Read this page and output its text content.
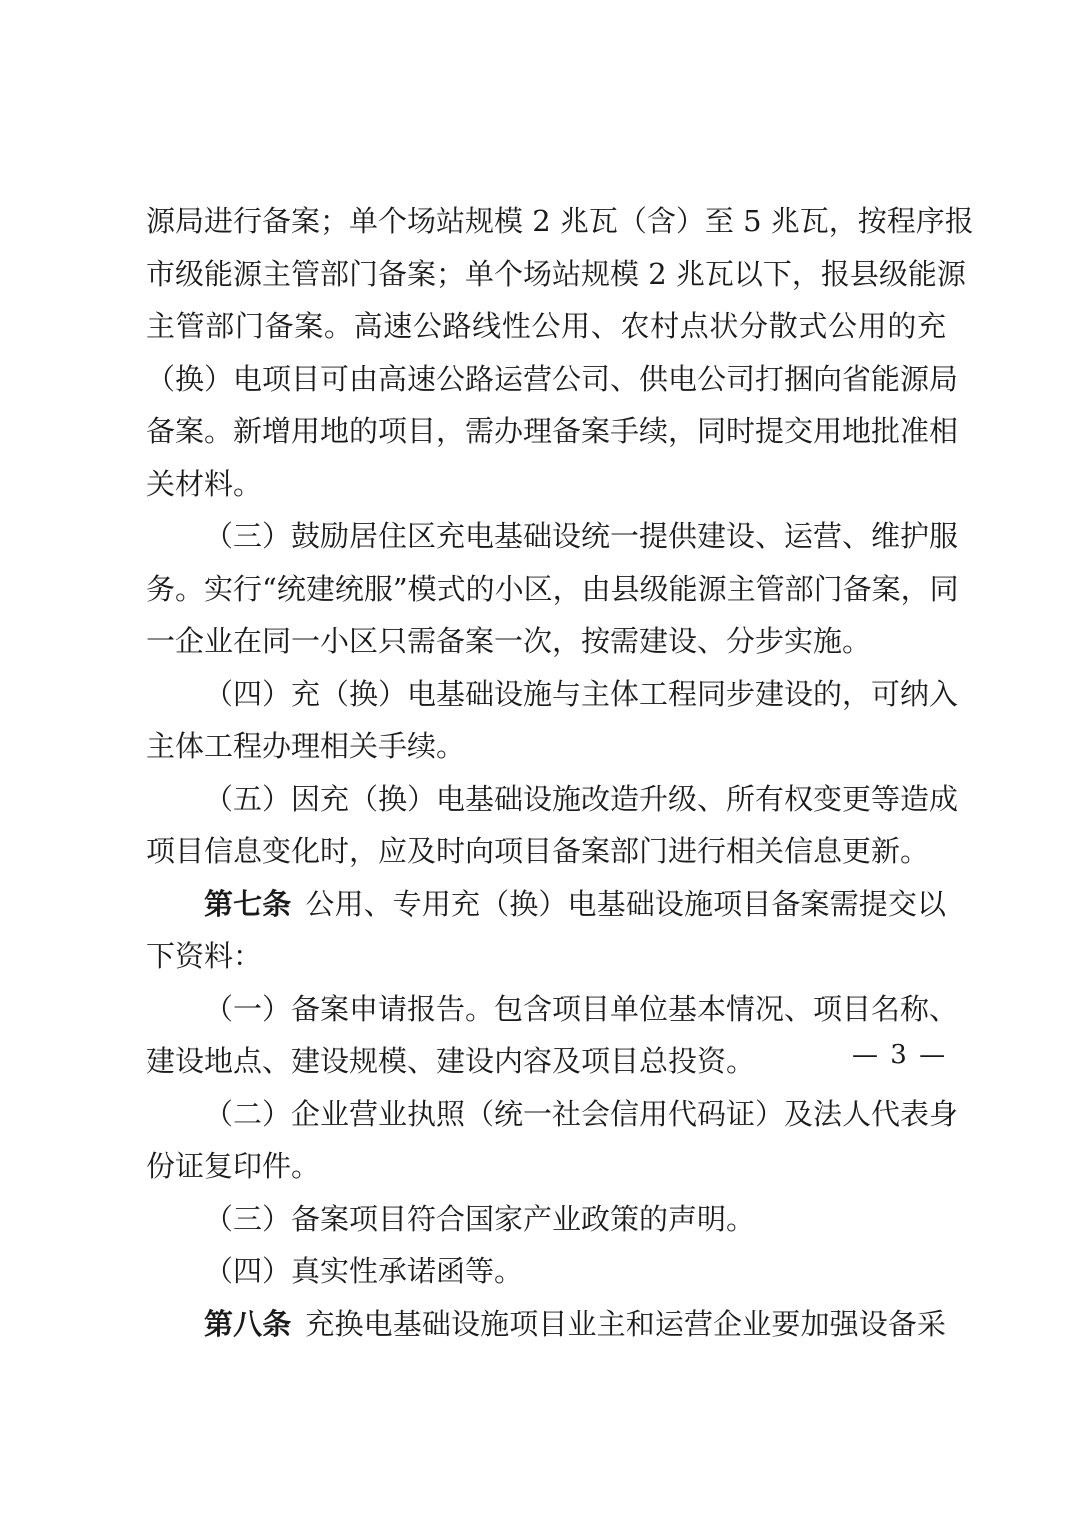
源局进行备案；单个场站规模 2 兆瓦（含）至 5 兆瓦，按程序报
市级能源主管部门备案；单个场站规模 2 兆瓦以下，报县级能源
主管部门备案。高速公路线性公用、农村点状分散式公用的充
（换）电项目可由高速公路运营公司、供电公司打捆向省能源局
备案。新增用地的项目，需办理备案手续，同时提交用地批准相
关材料。
（三）鼓励居住区充电基础设统一提供建设、运营、维护服
务。实行“统建统服”模式的小区，由县级能源主管部门备案，同
一企业在同一小区只需备案一次，按需建设、分步实施。
（四）充（换）电基础设施与主体工程同步建设的，可纳入
主体工程办理相关手续。
（五）因充（换）电基础设施改造升级、所有权变更等造成
项目信息变化时，应及时向项目备案部门进行相关信息更新。
第七条 公用、专用充（换）电基础设施项目备案需提交以
下资料：
（一）备案申请报告。包含项目单位基本情况、项目名称、
建设地点、建设规模、建设内容及项目总投资。
（二）企业营业执照（统一社会信用代码证）及法人代表身
份证复印件。
（三）备案项目符合国家产业政策的声明。
（四）真实性承诺函等。
第八条 充换电基础设施项目业主和运营企业要加强设备采
— 3 —
